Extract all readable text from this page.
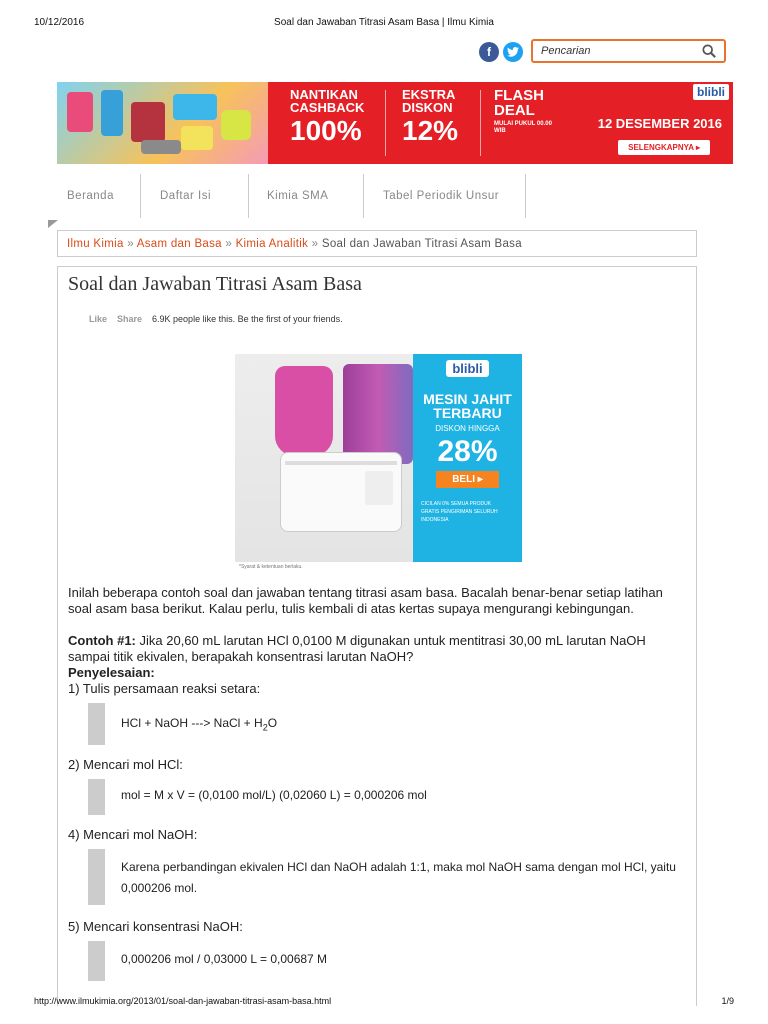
10/12/2016	Soal dan Jawaban Titrasi Asam Basa | Ilmu Kimia
f
Pencarian
NANTIKAN
CASHBACK
100%
EKSTRA
DISKON
12%
FLASH
DEAL
MULAI PUKUL 00.00 WIB
blibli
12 DESEMBER 2016
SELENGKAPNYA ▸
Beranda	Daftar Isi	Kimia SMA	Tabel Periodik Unsur
Ilmu Kimia » Asam dan Basa » Kimia Analitik » Soal dan Jawaban Titrasi Asam Basa
Soal dan Jawaban Titrasi Asam Basa
Like Share 6.9K people like this. Be the first of your friends.
blibli
MESIN JAHIT TERBARU
DISKON HINGGA
28%
BELI ▸
CICILAN 0% SEMUA PRODUK
GRATIS PENGIRIMAN SELURUH INDONESIA
*Syarat & ketentuan berlaku.

Inilah beberapa contoh soal dan jawaban tentang titrasi asam basa. Bacalah benar-benar setiap latihan soal asam basa berikut. Kalau perlu, tulis kembali di atas kertas supaya mengurangi kebingungan.

Contoh #1: Jika 20,60 mL larutan HCl 0,0100 M digunakan untuk mentitrasi 30,00 mL larutan NaOH sampai titik ekivalen, berapakah konsentrasi larutan NaOH?

Penyelesaian:

1) Tulis persamaan reaksi setara:

HCl + NaOH ---> NaCl + $H_2O$

2) Mencari mol HCl:

mol = M x V = (0,0100 mol/L) (0,02060 L) = 0,000206 mol

4) Mencari mol NaOH:

Karena perbandingan ekivalen HCl dan NaOH adalah 1:1, maka mol NaOH sama dengan mol HCl, yaitu 0,000206 mol.

5) Mencari konsentrasi NaOH:

0,000206 mol / 0,03000 L = 0,00687 M
http://www.ilmukimia.org/2013/01/soal-dan-jawaban-titrasi-asam-basa.html	1/9
